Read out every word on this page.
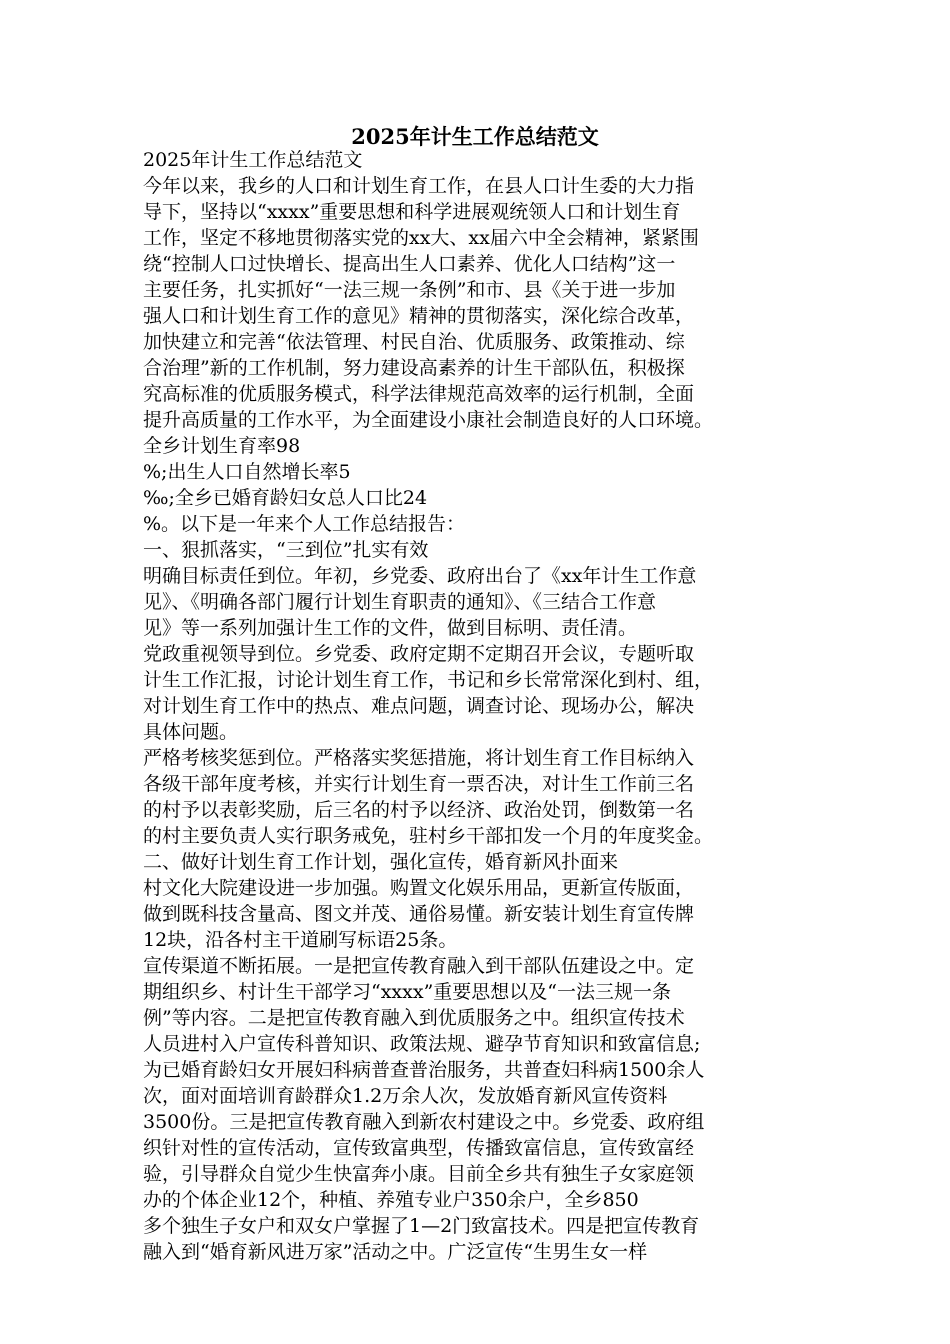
2025年计生工作总结范文
2025年计生工作总结范文
今年以来，我乡的人口和计划生育工作，在县人口计生委的大力指
导下，坚持以“xxxx”重要思想和科学进展观统领人口和计划生育
工作，坚定不移地贯彻落实党的xx大、xx届六中全会精神，紧紧围
绕“控制人口过快增长、提高出生人口素养、优化人口结构”这一
主要任务，扎实抓好“一法三规一条例”和市、县《关于进一步加
强人口和计划生育工作的意见》精神的贯彻落实，深化综合改革，
加快建立和完善“依法管理、村民自治、优质服务、政策推动、综
合治理”新的工作机制，努力建设高素养的计生干部队伍，积极探
究高标准的优质服务模式，科学法律规范高效率的运行机制，全面
提升高质量的工作水平，为全面建设小康社会制造良好的人口环境。
全乡计划生育率98
%;出生人口自然增长率5
‰;全乡已婚育龄妇女总人口比24
%。以下是一年来个人工作总结报告：
一、狠抓落实，“三到位”扎实有效
明确目标责任到位。年初，乡党委、政府出台了《xx年计生工作意
见》、《明确各部门履行计划生育职责的通知》、《三结合工作意
见》等一系列加强计生工作的文件，做到目标明、责任清。
党政重视领导到位。乡党委、政府定期不定期召开会议，专题听取
计生工作汇报，讨论计划生育工作，书记和乡长常常深化到村、组，
对计划生育工作中的热点、难点问题，调查讨论、现场办公，解决
具体问题。
严格考核奖惩到位。严格落实奖惩措施，将计划生育工作目标纳入
各级干部年度考核，并实行计划生育一票否决，对计生工作前三名
的村予以表彰奖励，后三名的村予以经济、政治处罚，倒数第一名
的村主要负责人实行职务戒免，驻村乡干部扣发一个月的年度奖金。
二、做好计划生育工作计划，强化宣传，婚育新风扑面来
村文化大院建设进一步加强。购置文化娱乐用品，更新宣传版面，
做到既科技含量高、图文并茂、通俗易懂。新安装计划生育宣传牌
12块，沿各村主干道刷写标语25条。
宣传渠道不断拓展。一是把宣传教育融入到干部队伍建设之中。定
期组织乡、村计生干部学习“xxxx”重要思想以及“一法三规一条
例”等内容。二是把宣传教育融入到优质服务之中。组织宣传技术
人员进村入户宣传科普知识、政策法规、避孕节育知识和致富信息;
为已婚育龄妇女开展妇科病普查普治服务，共普查妇科病1500余人
次，面对面培训育龄群众1.2万余人次，发放婚育新风宣传资料
3500份。三是把宣传教育融入到新农村建设之中。乡党委、政府组
织针对性的宣传活动，宣传致富典型，传播致富信息，宣传致富经
验，引导群众自觉少生快富奔小康。目前全乡共有独生子女家庭领
办的个体企业12个，种植、养殖专业户350余户，全乡850
多个独生子女户和双女户掌握了1—2门致富技术。四是把宣传教育
融入到“婚育新风进万家”活动之中。广泛宣传“生男生女一样
